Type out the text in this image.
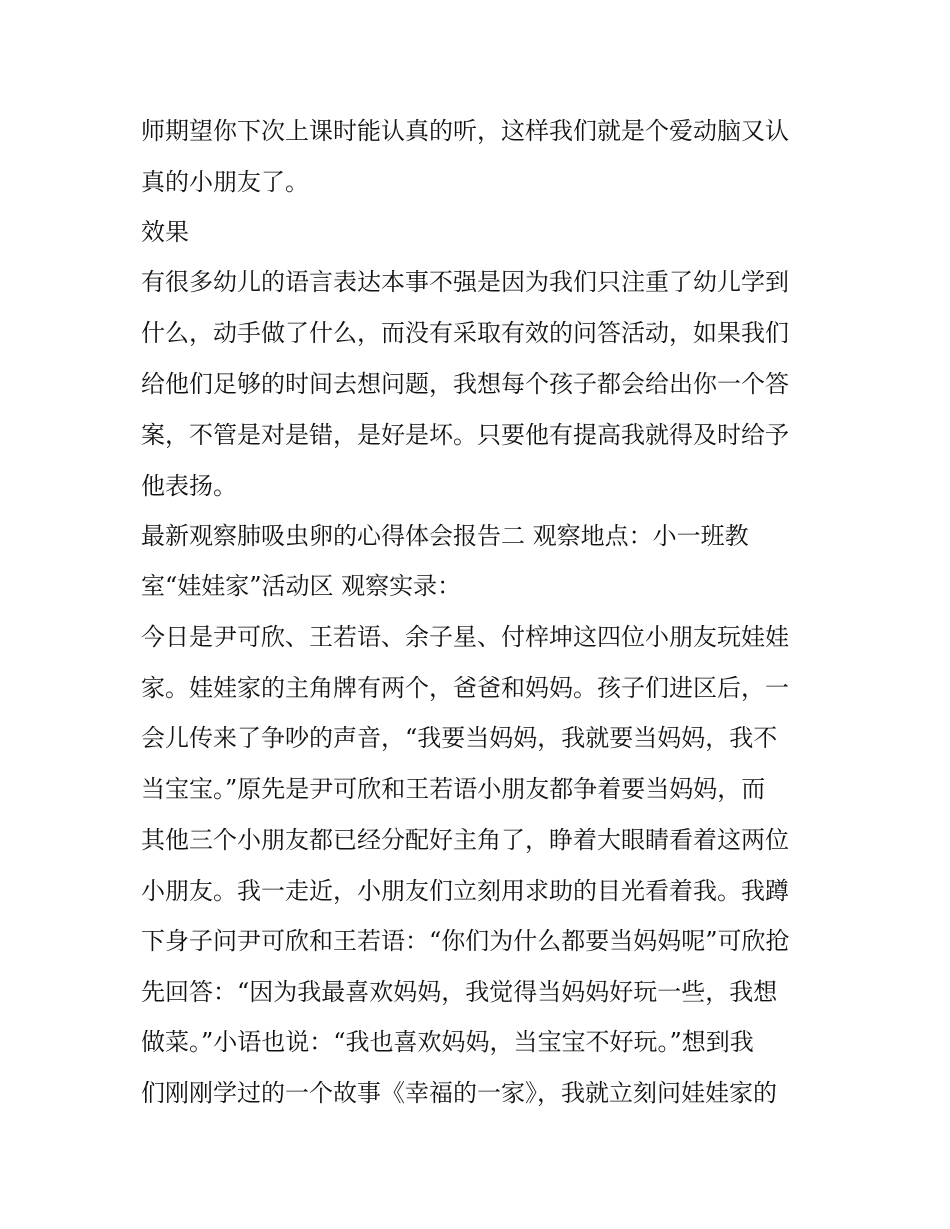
师期望你下次上课时能认真的听，这样我们就是个爱动脑又认
真的小朋友了。
效果
有很多幼儿的语言表达本事不强是因为我们只注重了幼儿学到
什么，动手做了什么，而没有采取有效的问答活动，如果我们
给他们足够的时间去想问题，我想每个孩子都会给出你一个答
案，不管是对是错，是好是坏。只要他有提高我就得及时给予
他表扬。
最新观察肺吸虫卵的心得体会报告二 观察地点：小一班教
室“娃娃家”活动区 观察实录：
今日是尹可欣、王若语、余子星、付梓坤这四位小朋友玩娃娃
家。娃娃家的主角牌有两个，爸爸和妈妈。孩子们进区后，一
会儿传来了争吵的声音，“我要当妈妈，我就要当妈妈，我不
当宝宝。”原先是尹可欣和王若语小朋友都争着要当妈妈，而
其他三个小朋友都已经分配好主角了，睁着大眼睛看着这两位
小朋友。我一走近，小朋友们立刻用求助的目光看着我。我蹲
下身子问尹可欣和王若语：“你们为什么都要当妈妈呢”可欣抢
先回答：“因为我最喜欢妈妈，我觉得当妈妈好玩一些，我想
做菜。”小语也说：“我也喜欢妈妈，当宝宝不好玩。”想到我
们刚刚学过的一个故事《幸福的一家》，我就立刻问娃娃家的
